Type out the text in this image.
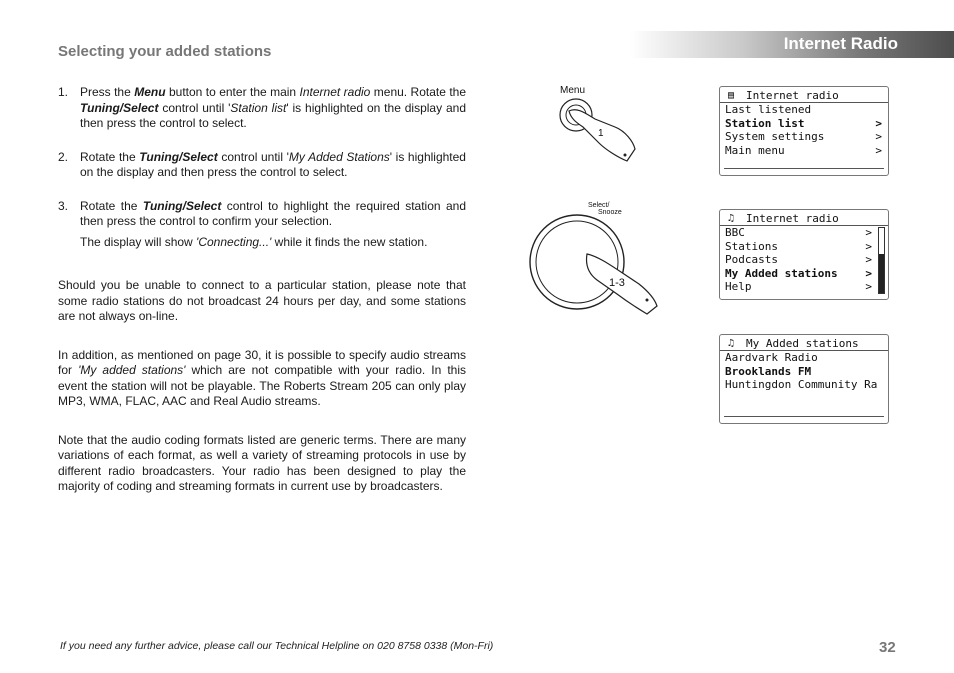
Internet Radio
Selecting your added stations
1. Press the Menu button to enter the main Internet radio menu. Rotate the Tuning/Select control until 'Station list' is highlighted on the display and then press the control to select.

2. Rotate the Tuning/Select control until 'My Added Stations' is highlighted on the display and then press the control to select.

3. Rotate the Tuning/Select control to highlight the required station and then press the control to confirm your selection.

The display will show 'Connecting...' while it finds the new station.

Should you be unable to connect to a particular station, please note that some radio stations do not broadcast 24 hours per day, and some stations are not always on-line.

In addition, as mentioned on page 30, it is possible to specify audio streams for 'My added stations' which are not compatible with your radio. In this event the station will not be playable. The Roberts Stream 205 can only play MP3, WMA, FLAC, AAC and Real Audio streams.

Note that the audio coding formats listed are generic terms. There are many variations of each format, as well a variety of streaming protocols in use by different radio broadcasters. Your radio has been designed to play the majority of coding and streaming formats in current use by broadcasters.

Menu
1
Select/
Snooze
1-3
▤	Internet radio
Last listened
Station list	>
System settings	>
Main menu	>
♫	Internet radio
BBC	>
Stations	>
Podcasts	>
My Added stations	>
Help	>
♫	My Added stations
Aardvark Radio
Brooklands FM
Huntingdon Community Ra
If you need any further advice, please call our Technical Helpline on 020 8758 0338 (Mon-Fri)	32
